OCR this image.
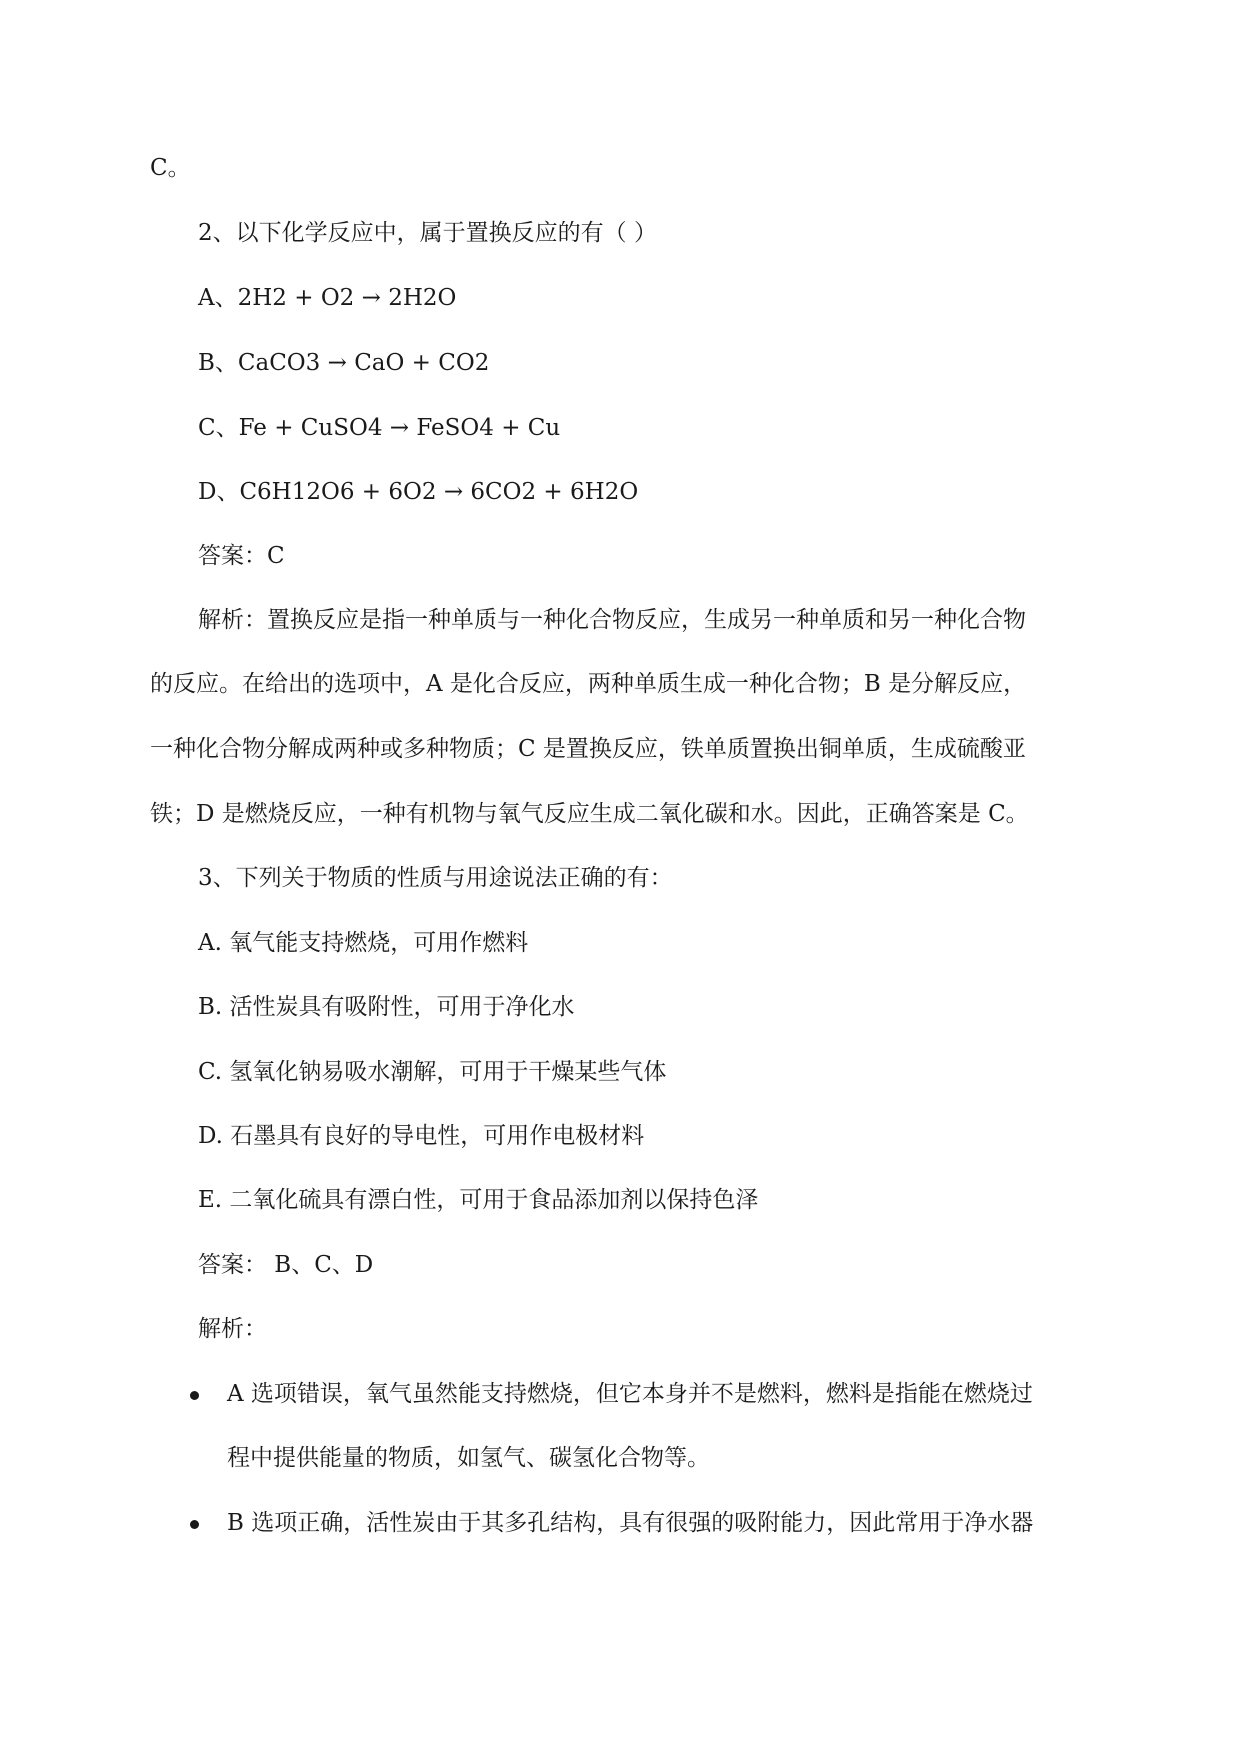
C。
2、以下化学反应中，属于置换反应的有（ ）
A、2H2 + O2 → 2H2O
B、CaCO3 → CaO + CO2
C、Fe + CuSO4 → FeSO4 + Cu
D、C6H12O6 + 6O2 → 6CO2 + 6H2O
答案：C
解析：置换反应是指一种单质与一种化合物反应，生成另一种单质和另一种化合物
的反应。在给出的选项中，A 是化合反应，两种单质生成一种化合物；B 是分解反应，
一种化合物分解成两种或多种物质；C 是置换反应，铁单质置换出铜单质，生成硫酸亚
铁；D 是燃烧反应，一种有机物与氧气反应生成二氧化碳和水。因此，正确答案是 C。
3、下列关于物质的性质与用途说法正确的有：
A. 氧气能支持燃烧，可用作燃料
B. 活性炭具有吸附性，可用于净化水
C. 氢氧化钠易吸水潮解，可用于干燥某些气体
D. 石墨具有良好的导电性，可用作电极材料
E. 二氧化硫具有漂白性，可用于食品添加剂以保持色泽
答案： B、C、D
解析：
A 选项错误，氧气虽然能支持燃烧，但它本身并不是燃料，燃料是指能在燃烧过
程中提供能量的物质，如氢气、碳氢化合物等。
B 选项正确，活性炭由于其多孔结构，具有很强的吸附能力，因此常用于净水器
